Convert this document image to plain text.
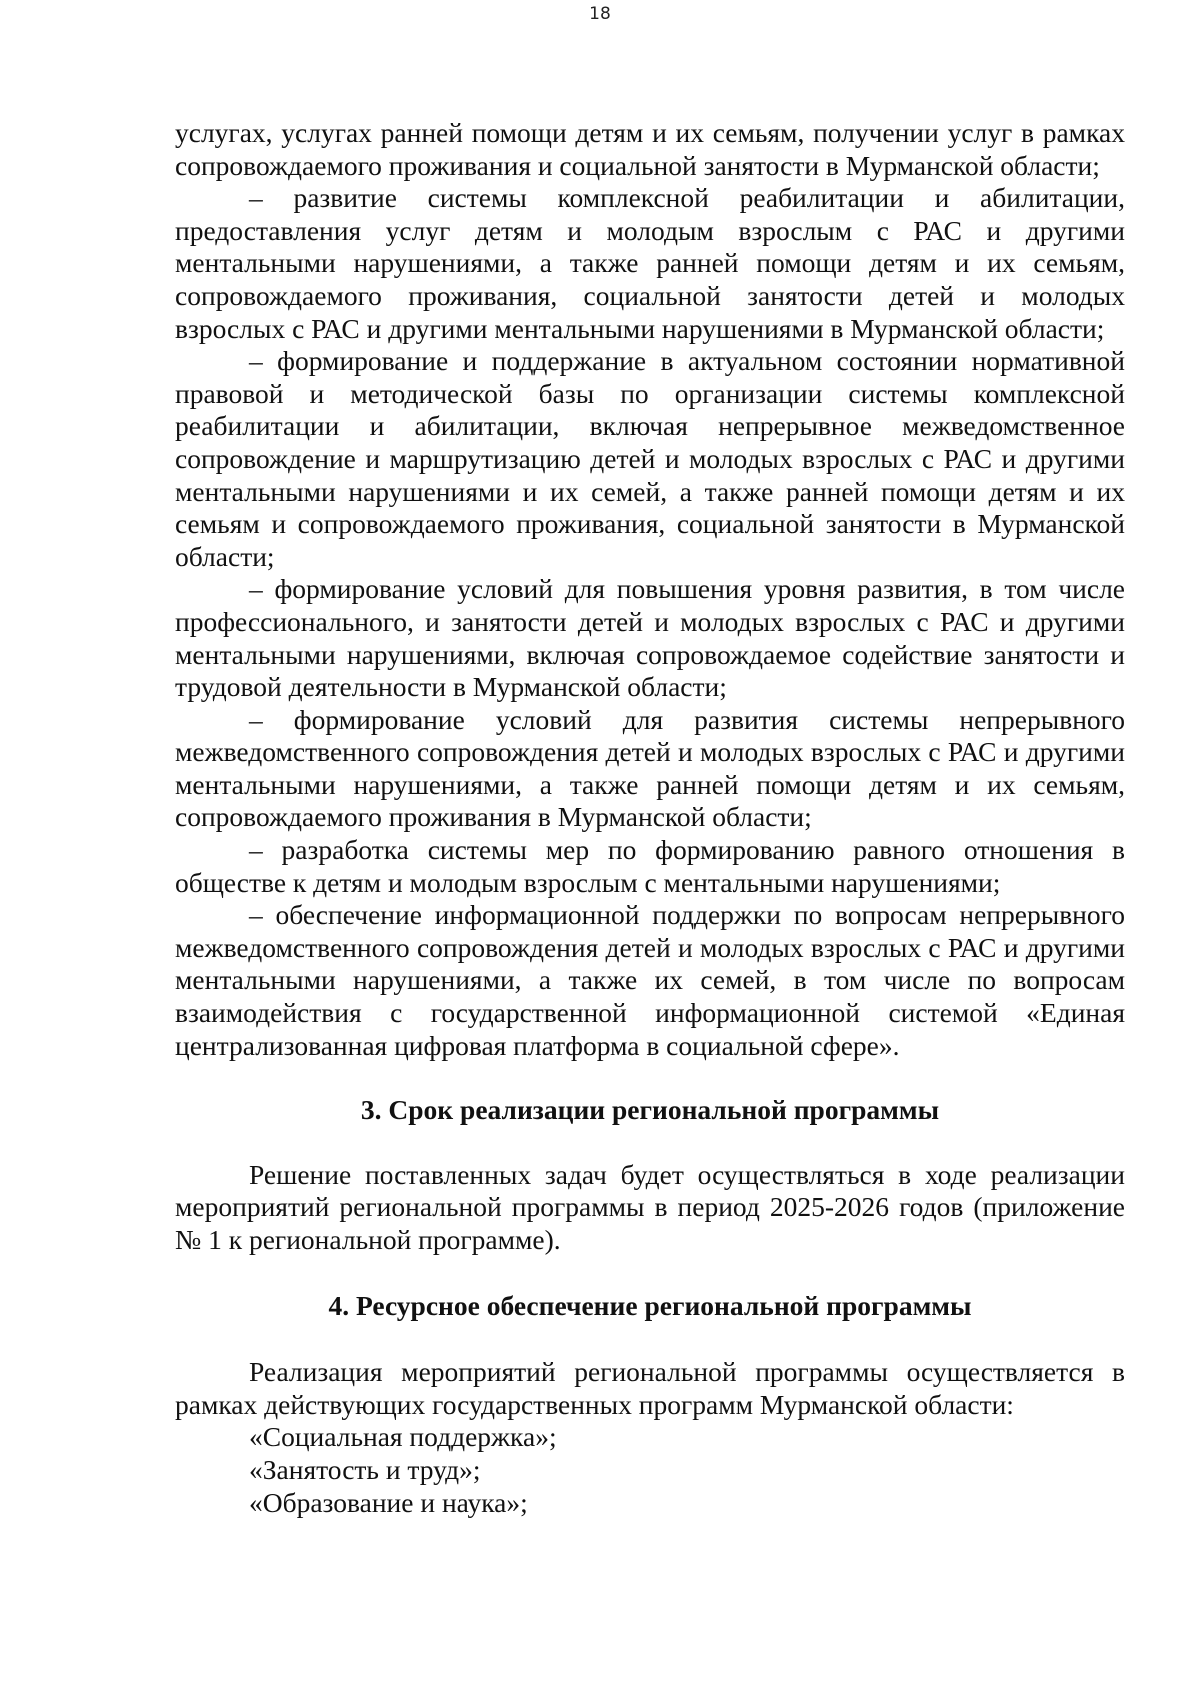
18

услугах, услугах ранней помощи детям и их семьям, получении услуг в рамках сопровождаемого проживания и социальной занятости в Мурманской области;

– развитие системы комплексной реабилитации и абилитации, предоставления услуг детям и молодым взрослым с РАС и другими ментальными нарушениями, а также ранней помощи детям и их семьям, сопровождаемого проживания, социальной занятости детей и молодых взрослых с РАС и другими ментальными нарушениями в Мурманской области;

– формирование и поддержание в актуальном состоянии нормативной правовой и методической базы по организации системы комплексной реабилитации и абилитации, включая непрерывное межведомственное сопровождение и маршрутизацию детей и молодых взрослых с РАС и другими ментальными нарушениями и их семей, а также ранней помощи детям и их семьям и сопровождаемого проживания, социальной занятости в Мурманской области;

– формирование условий для повышения уровня развития, в том числе профессионального, и занятости детей и молодых взрослых с РАС и другими ментальными нарушениями, включая сопровождаемое содействие занятости и трудовой деятельности в Мурманской области;

– формирование условий для развития системы непрерывного межведомственного сопровождения детей и молодых взрослых с РАС и другими ментальными нарушениями, а также ранней помощи детям и их семьям, сопровождаемого проживания в Мурманской области;

– разработка системы мер по формированию равного отношения в обществе к детям и молодым взрослым с ментальными нарушениями;

– обеспечение информационной поддержки по вопросам непрерывного межведомственного сопровождения детей и молодых взрослых с РАС и другими ментальными нарушениями, а также их семей, в том числе по вопросам взаимодействия с государственной информационной системой «Единая централизованная цифровая платформа в социальной сфере».

3. Срок реализации региональной программы

Решение поставленных задач будет осуществляться в ходе реализации мероприятий региональной программы в период 2025-2026 годов (приложение № 1 к региональной программе).

4. Ресурсное обеспечение региональной программы

Реализация мероприятий региональной программы осуществляется в рамках действующих государственных программ Мурманской области:

«Социальная поддержка»;
«Занятость и труд»;
«Образование и наука»;
